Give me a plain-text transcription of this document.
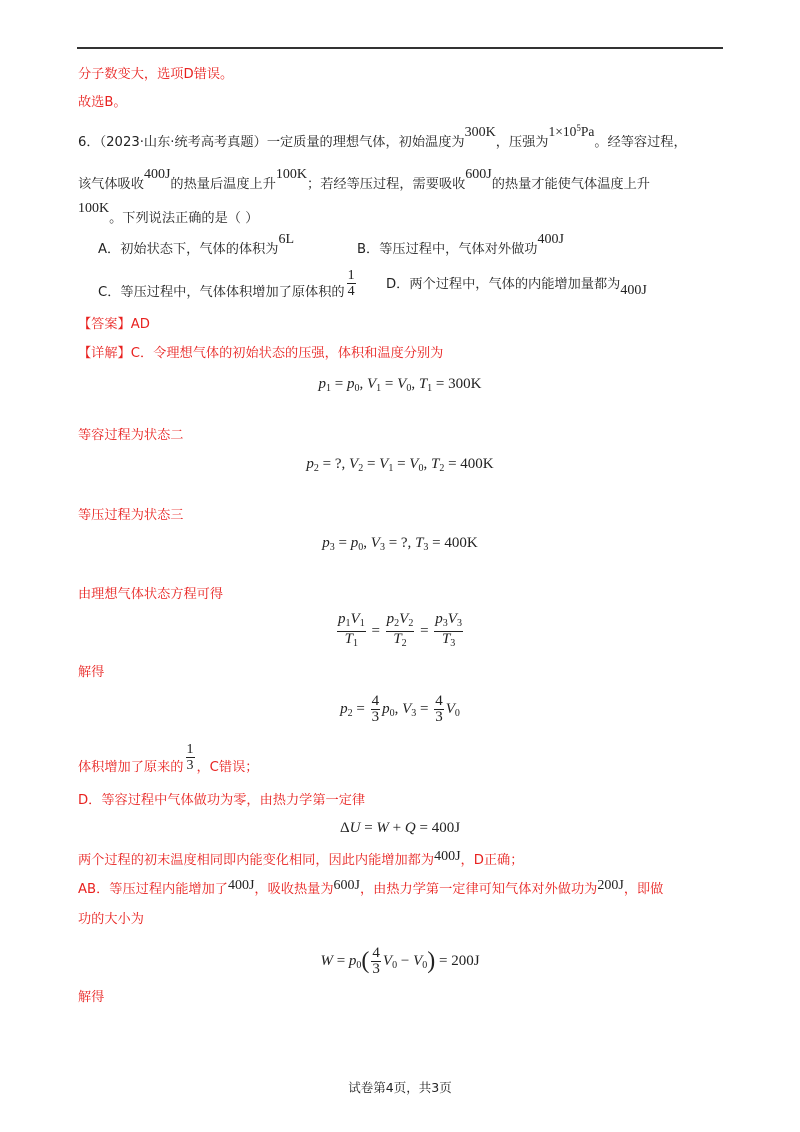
分子数变大，选项D错误。
故选B。
6．（2023·山东·统考高考真题）一定质量的理想气体，初始温度为300K，压强为$1\times 10^5Pa$。经等容过程，
该气体吸收400J的热量后温度上升100K；若经等压过程，需要吸收600J的热量才能使气体温度上升
100K。下列说法正确的是（ ）
A．初始状态下，气体的体积为6L
B．等压过程中，气体对外做功400J
C．等压过程中，气体体积增加了原体积的 $\frac{1}{4}$ D．两个过程中，气体的内能增加量都为400J
【答案】AD
【详解】C．令理想气体的初始状态的压强，体积和温度分别为
$p_1 = p_0$, $V_1 = V_0$, $T_1 = 300K$
等容过程为状态二
$p_2$ = ?, $V_2 = V_1 = V_0$, $T_2 = 400K$
等压过程为状态三
$p_3 = p_0$, $V_3$ = ?, $T_3 = 400K$
由理想气体状态方程可得
$\frac{p_1V_1}{T_1} = \frac{p_2V_2}{T_2} = \frac{p_3V_3}{T_3}$
解得
$p_2 = \frac{4}{3} p_0$, $V_3 = \frac{4}{3} V_0$
体积增加了原来的 $\frac{1}{3}$ ，C错误；
D．等容过程中气体做功为零，由热力学第一定律
ΔU = W + Q = 400J
两个过程的初末温度相同即内能变化相同，因此内能增加都为400J，D正确；
AB．等压过程内能增加了400J，吸收热量为600J，由热力学第一定律可知气体对外做功为200J，即做
功的大小为
$W = p_0( \frac{4}{3} V_0 - V_0) = 200J$
解得
试卷第4页，共3页
